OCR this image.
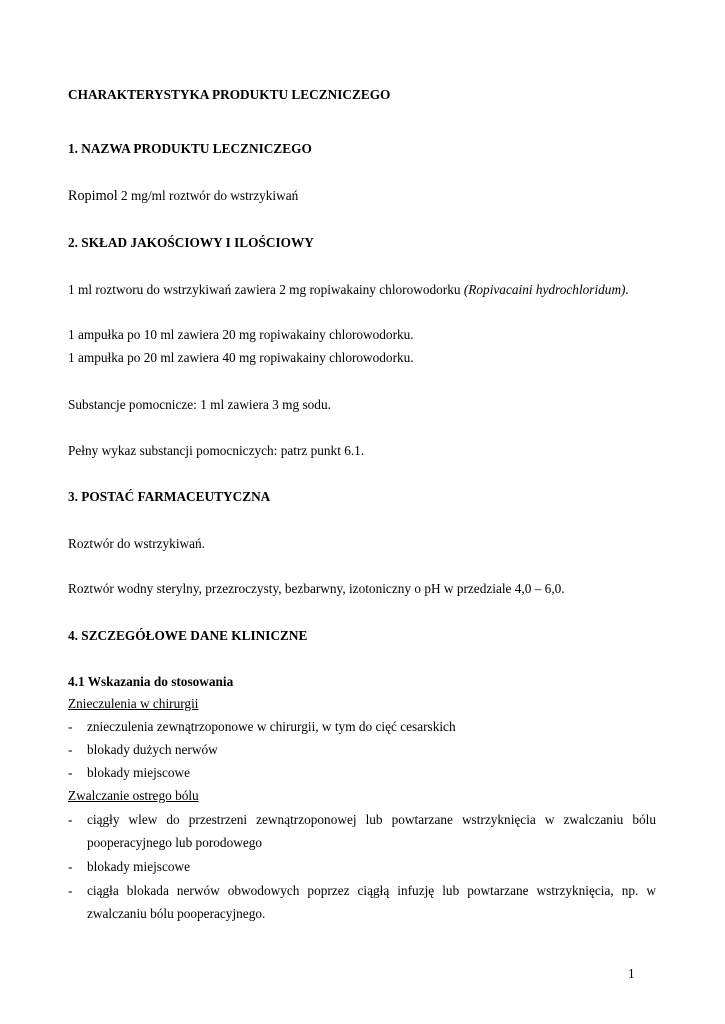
CHARAKTERYSTYKA PRODUKTU LECZNICZEGO
1. NAZWA PRODUKTU LECZNICZEGO
Ropimol 2 mg/ml roztwór do wstrzykiwań
2. SKŁAD JAKOŚCIOWY I ILOŚCIOWY
1 ml roztworu do wstrzykiwań zawiera 2 mg ropiwakainy chlorowodorku (Ropivacaini hydrochloridum).
1 ampułka po 10 ml zawiera 20 mg ropiwakainy chlorowodorku.
1 ampułka po 20 ml zawiera 40 mg ropiwakainy chlorowodorku.
Substancje pomocnicze: 1 ml zawiera 3 mg sodu.
Pełny wykaz substancji pomocniczych: patrz punkt 6.1.
3. POSTAĆ FARMACEUTYCZNA
Roztwór do wstrzykiwań.
Roztwór wodny sterylny, przezroczysty, bezbarwny, izotoniczny o pH w przedziale 4,0 – 6,0.
4. SZCZEGÓŁOWE DANE KLINICZNE
4.1 Wskazania do stosowania
Znieczulenia w chirurgii
- znieczulenia zewnątrzoponowe w chirurgii, w tym do cięć cesarskich
- blokady dużych nerwów
- blokady miejscowe
Zwalczanie ostrego bólu
- ciągły wlew do przestrzeni zewnątrzoponowej lub powtarzane wstrzyknięcia w zwalczaniu bólu
pooperacyjnego lub porodowego
- blokady miejscowe
- ciągła blokada nerwów obwodowych poprzez ciągłą infuzję lub powtarzane wstrzyknięcia, np. w
zwalczaniu bólu pooperacyjnego.
1
